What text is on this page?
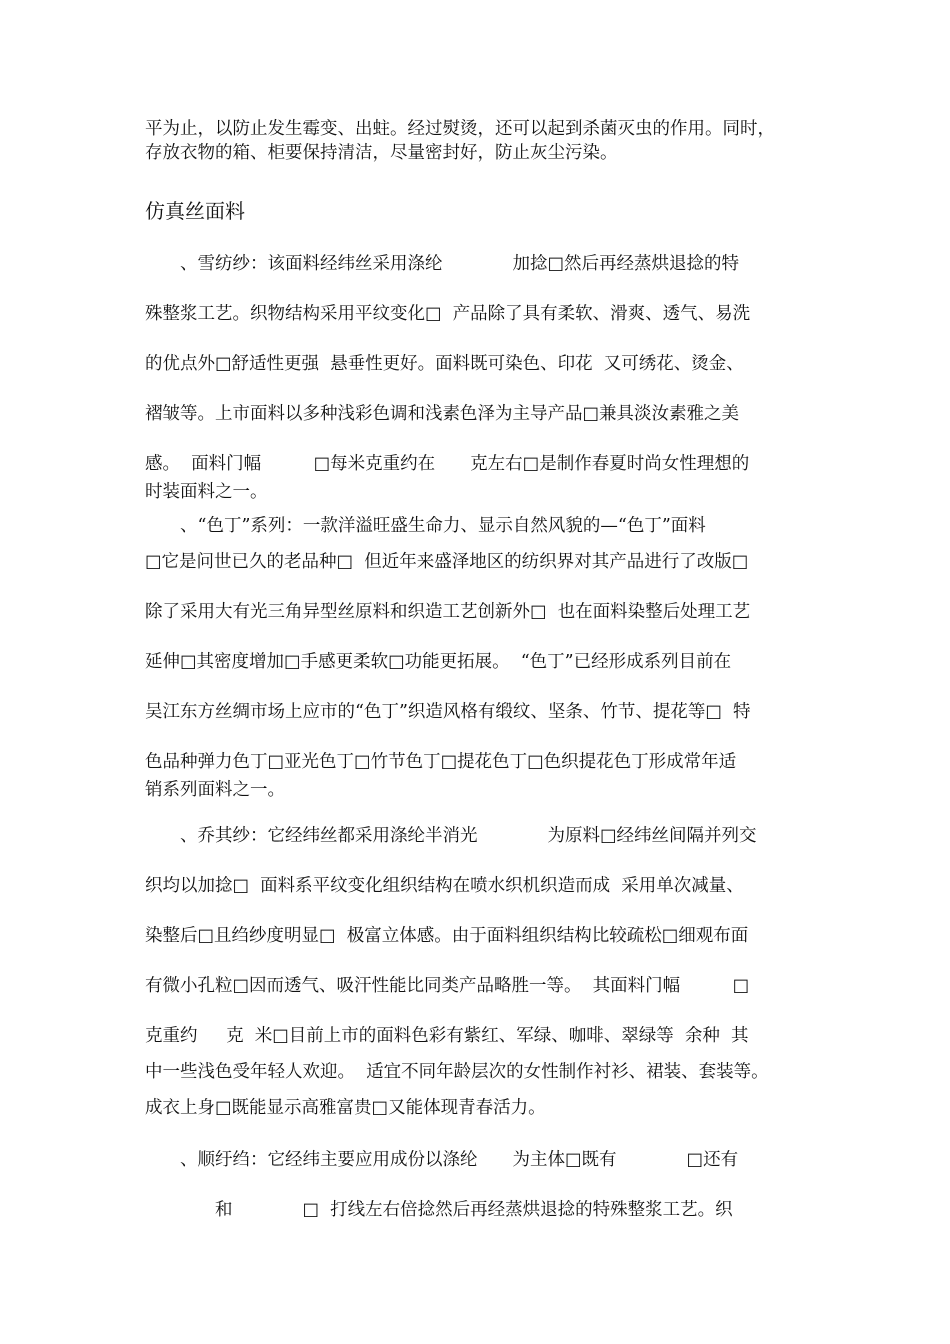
平为止，以防止发生霉变、出蛀。经过熨烫，还可以起到杀菌灭虫的作用。同时，
存放衣物的箱、柜要保持清洁，尽量密封好，防止灰尘污染。
仿真丝面料
、雪纺纱：该面料经纬丝采用涤纶　　　　加捻□然后再经蒸烘退捻的特
殊整浆工艺。织物结构采用平纹变化□  产品除了具有柔软、滑爽、透气、易洗
的优点外□舒适性更强  悬垂性更好。面料既可染色、印花  又可绣花、烫金、
褶皱等。上市面料以多种浅彩色调和浅素色泽为主导产品□兼具淡汝素雅之美
感。  面料门幅　　　□每米克重约在　　克左右□是制作春夏时尚女性理想的
时装面料之一。
、“色丁”系列：一款洋溢旺盛生命力、显示自然风貌的—“色丁”面料
□它是问世已久的老品种□  但近年来盛泽地区的纺织界对其产品进行了改版□
除了采用大有光三角异型丝原料和织造工艺创新外□  也在面料染整后处理工艺
延伸□其密度增加□手感更柔软□功能更拓展。  “色丁”已经形成系列目前在
吴江东方丝绸市场上应市的“色丁”织造风格有缎纹、坚条、竹节、提花等□  特
色品种弹力色丁□亚光色丁□竹节色丁□提花色丁□色织提花色丁形成常年适
销系列面料之一。
、乔其纱：它经纬丝都采用涤纶半消光　　　　为原料□经纬丝间隔并列交
织均以加捻□  面料系平纹变化组织结构在喷水织机织造而成  采用单次减量、
染整后□且绉纱度明显□  极富立体感。由于面料组织结构比较疏松□细观布面
有微小孔粒□因而透气、吸汗性能比同类产品略胜一等。  其面料门幅　　　□
克重约　  克  米□目前上市的面料色彩有紫红、军绿、咖啡、翠绿等  余种  其
中一些浅色受年轻人欢迎。  适宜不同年龄层次的女性制作衬衫、裙装、套装等。
成衣上身□既能显示高雅富贵□又能体现青春活力。
、顺纡绉：它经纬主要应用成份以涤纶　　为主体□既有　　　　□还有
和　　　　□  打线左右倍捻然后再经蒸烘退捻的特殊整浆工艺。织
